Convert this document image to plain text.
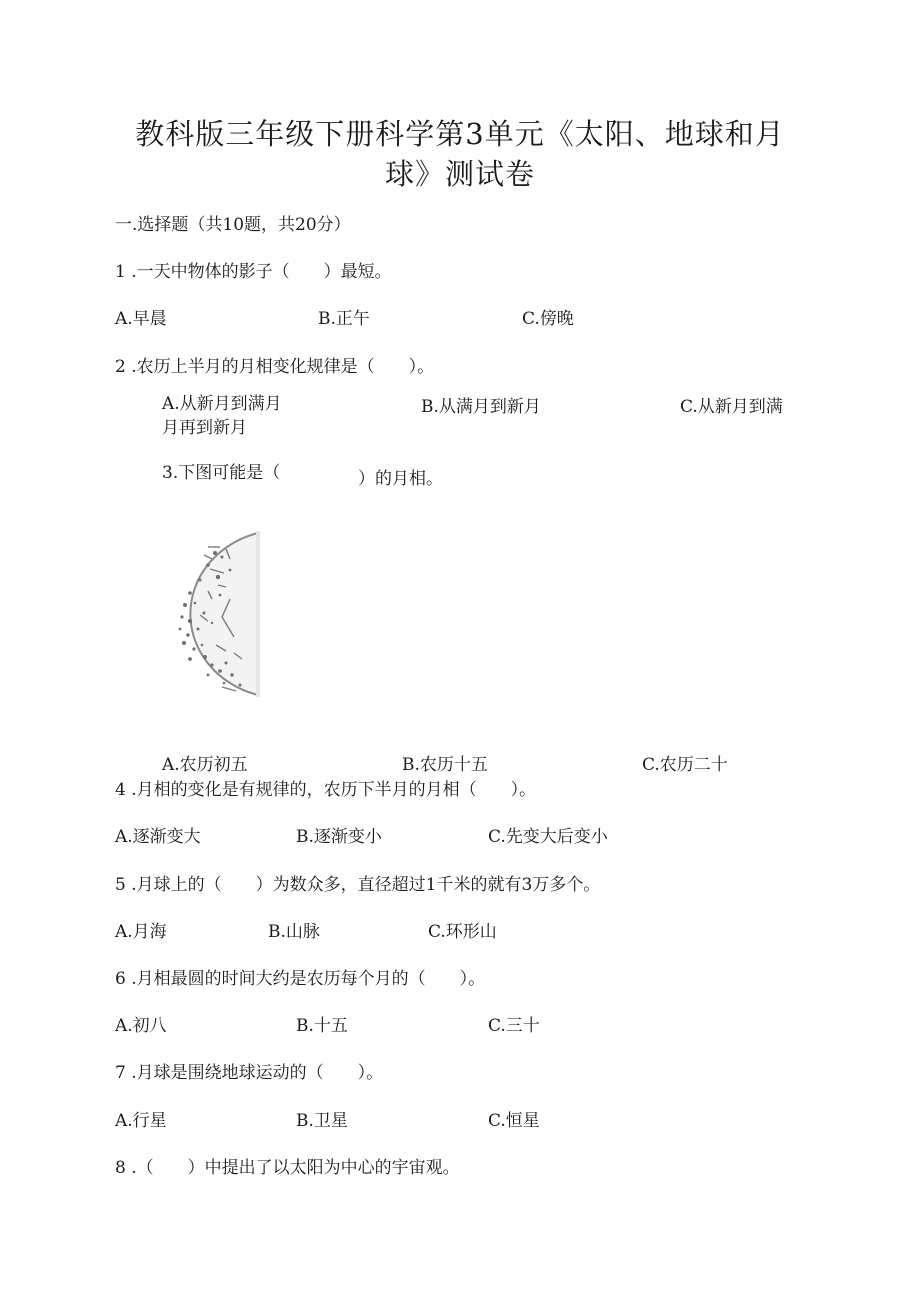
教科版三年级下册科学第3单元《太阳、地球和月
球》测试卷
一.选择题（共10题，共20分）
1 .一天中物体的影子（　　）最短。
A.早晨	B.正午	C.傍晚
2 .农历上半月的月相变化规律是（　　）。
A.从新月到满月	B.从满月到新月	C.从新月到满
月再到新月
3.下图可能是（	）的月相。
A.农历初五	B.农历十五	C.农历二十
4 .月相的变化是有规律的，农历下半月的月相（　　）。
A.逐渐变大	B.逐渐变小	C.先变大后变小
5 .月球上的（　　）为数众多，直径超过1千米的就有3万多个。
A.月海	B.山脉	C.环形山
6 .月相最圆的时间大约是农历每个月的（　　）。
A.初八	B.十五	C.三十
7 .月球是围绕地球运动的（　　）。
A.行星	B.卫星	C.恒星
8 .（　　）中提出了以太阳为中心的宇宙观。
